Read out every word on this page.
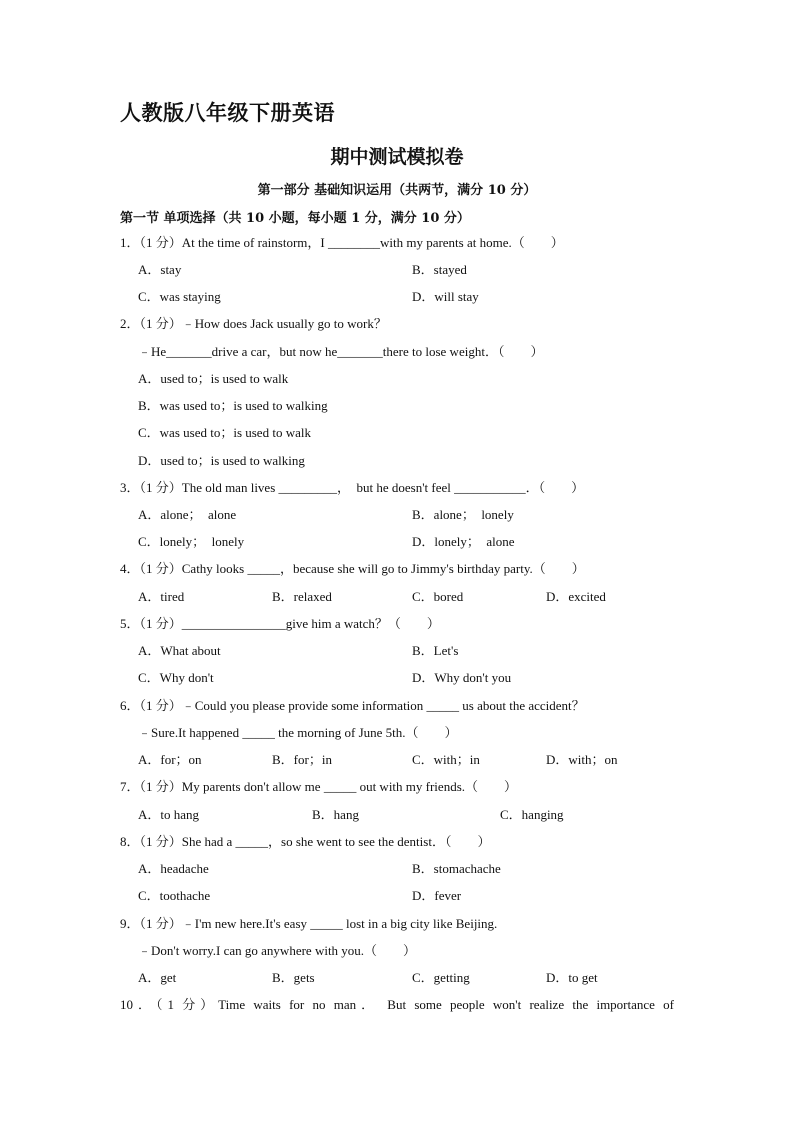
人教版八年级下册英语
期中测试模拟卷
第一部分 基础知识运用（共两节，满分 10 分）
第一节 单项选择（共 10 小题，每小题 1 分，满分 10 分）
1．（1 分）At the time of rainstorm，I ________with my parents at home.（　　）
A．stay	B．stayed
C．was staying	D．will stay
2．（1 分）﹣How does Jack usually go to work？
﹣He_______drive a car，but now he_______there to lose weight．（　　）
A．used to；is used to walk
B．was used to；is used to walking
C．was used to；is used to walk
D．used to；is used to walking
3．（1 分）The old man lives _________，  but he doesn't feel ___________．（　　）
A．alone；  alone	B．alone；  lonely
C．lonely；  lonely	D．lonely；  alone
4．（1 分）Cathy looks _____，because she will go to Jimmy's birthday party.（　　）
A．tired	B．relaxed	C．bored	D．excited
5．（1 分）________________give him a watch？（　　）
A．What about	B．Let's
C．Why don't	D．Why don't you
6．（1 分）﹣Could you please provide some information _____ us about the accident？
﹣Sure.It happened _____ the morning of June 5th.（　　）
A．for；on	B．for；in	C．with；in	D．with；on
7．（1 分）My parents don't allow me _____ out with my friends.（　　）
A．to hang	B．hang	C．hanging
8．（1 分）She had a _____，so she went to see the dentist．（　　）
A．headache	B．stomachache
C．toothache	D．fever
9．（1 分）﹣I'm new here.It's easy _____ lost in a big city like Beijing.
﹣Don't worry.I can go anywhere with you.（　　）
A．get	B．gets	C．getting	D．to get
10．（1 分）Time waits for no man． But some people won't realize the importance of
